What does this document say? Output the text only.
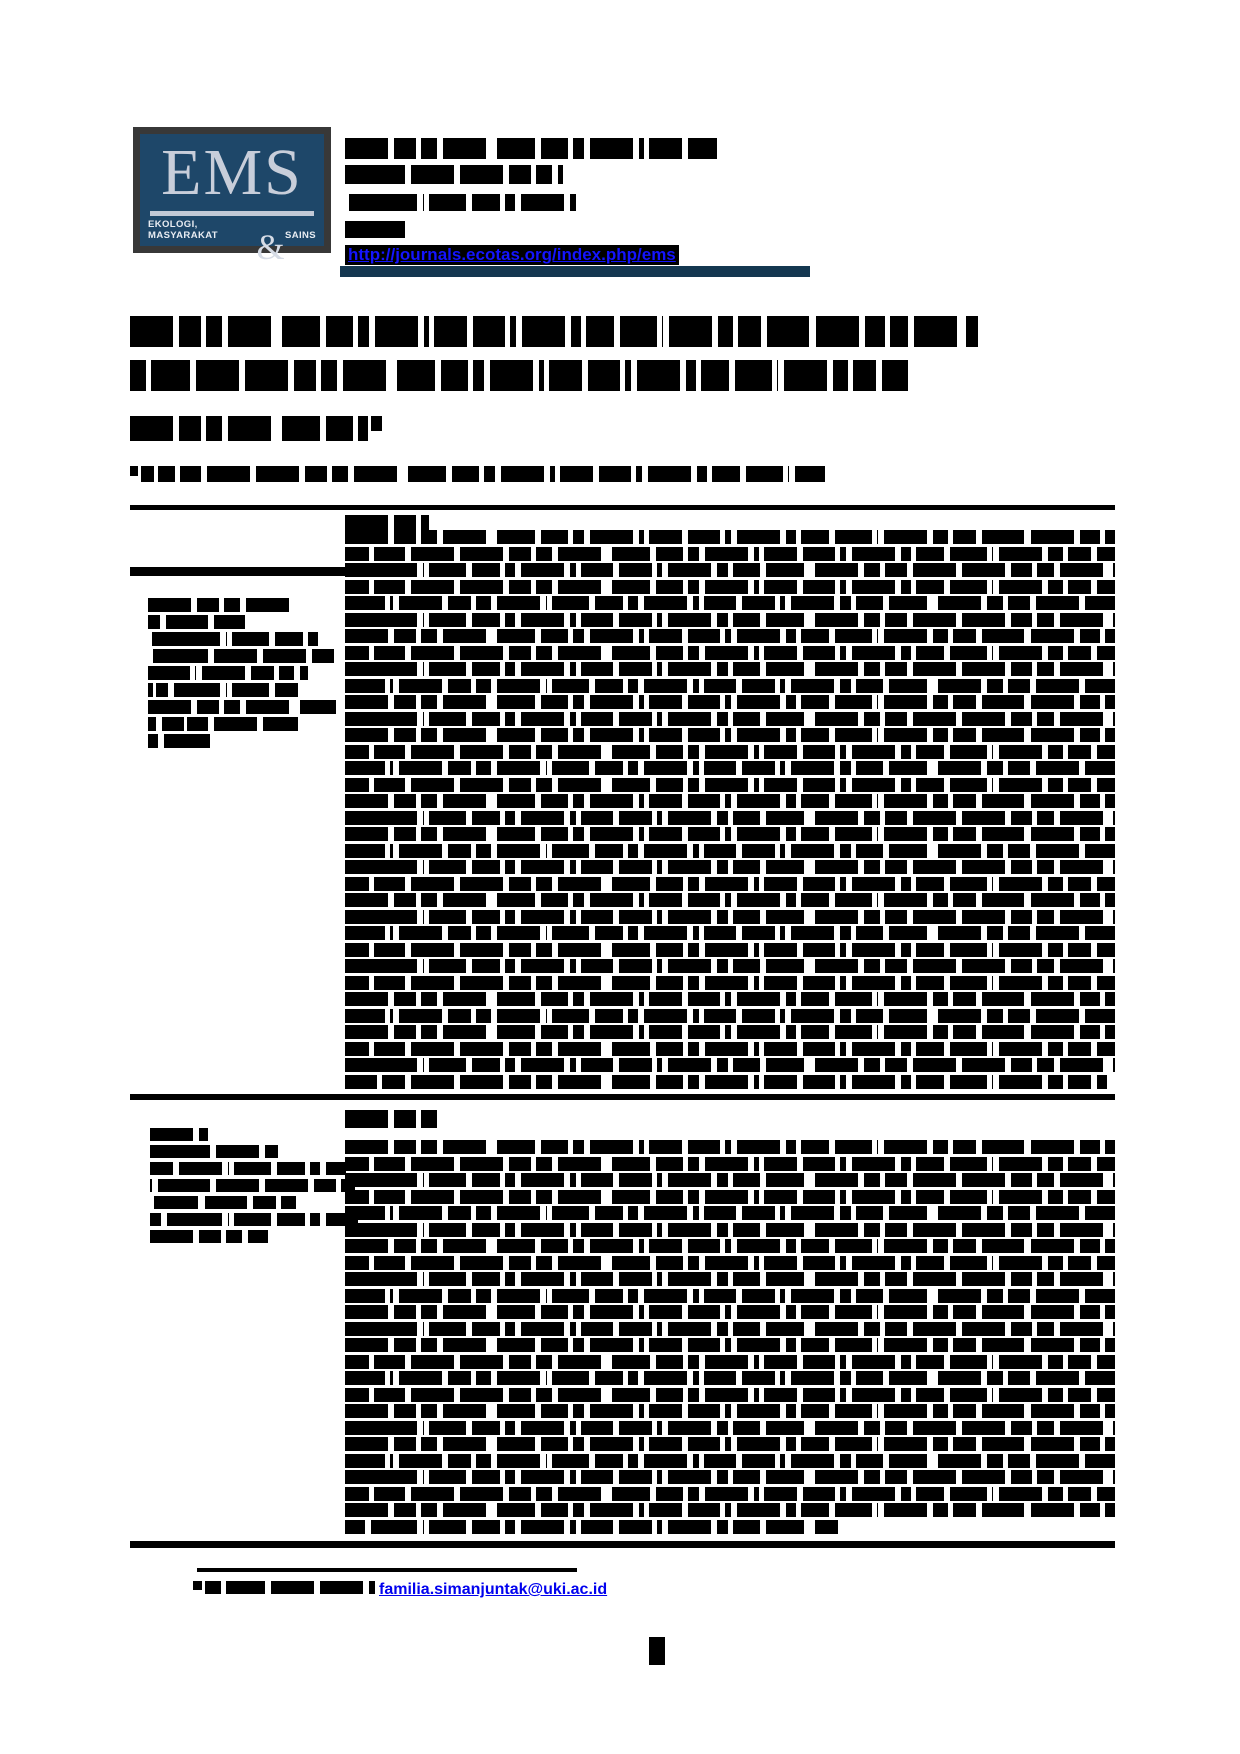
EMS
EKOLOGI, MASYARAKAT	& SAINS
http://journals.ecotas.org/index.php/ems
familia.simanjuntak@uki.ac.id
